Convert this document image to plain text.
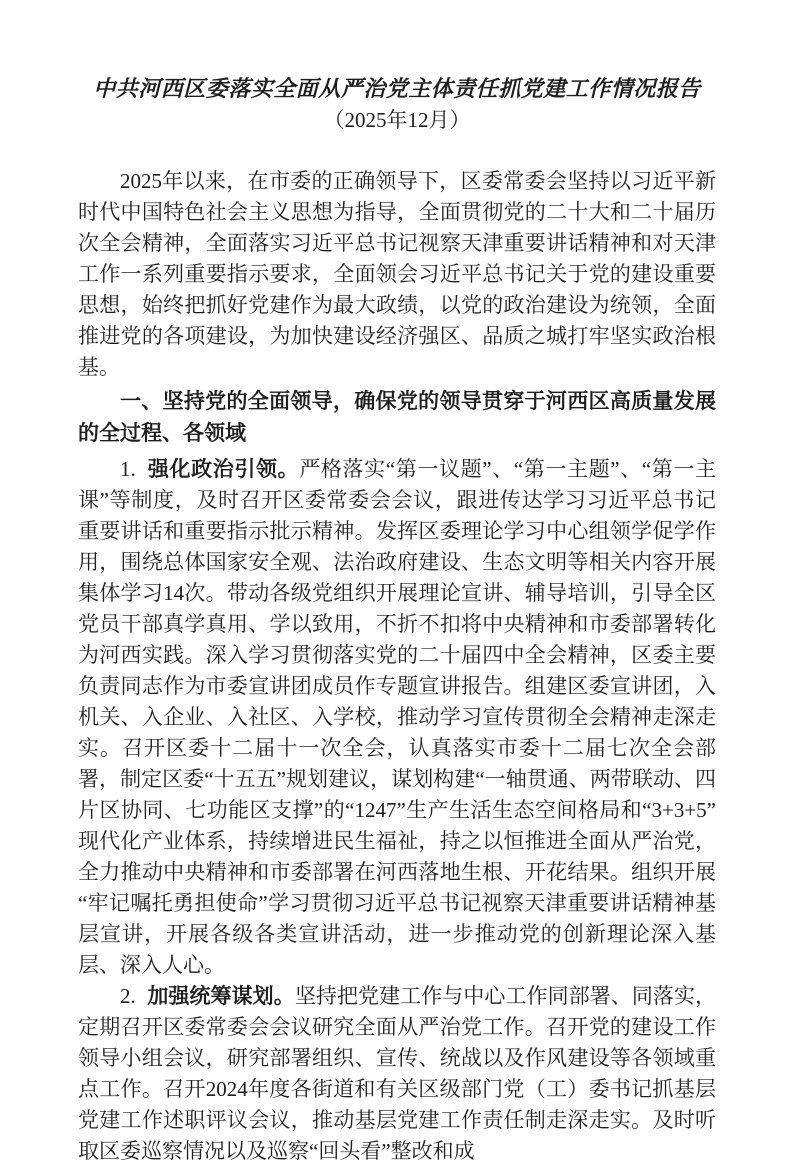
中共河西区委落实全面从严治党主体责任抓党建工作情况报告
（2025年12月）

2025年以来，在市委的正确领导下，区委常委会坚持以习近平新时代中国特色社会主义思想为指导，全面贯彻党的二十大和二十届历次全会精神，全面落实习近平总书记视察天津重要讲话精神和对天津工作一系列重要指示要求，全面领会习近平总书记关于党的建设重要思想，始终把抓好党建作为最大政绩，以党的政治建设为统领，全面推进党的各项建设，为加快建设经济强区、品质之城打牢坚实政治根基。

一、坚持党的全面领导，确保党的领导贯穿于河西区高质量发展的全过程、各领域

1. 强化政治引领。严格落实“第一议题”、“第一主题”、“第一主课”等制度，及时召开区委常委会会议，跟进传达学习习近平总书记重要讲话和重要指示批示精神。发挥区委理论学习中心组领学促学作用，围绕总体国家安全观、法治政府建设、生态文明等相关内容开展集体学习14次。带动各级党组织开展理论宣讲、辅导培训，引导全区党员干部真学真用、学以致用，不折不扣将中央精神和市委部署转化为河西实践。深入学习贯彻落实党的二十届四中全会精神，区委主要负责同志作为市委宣讲团成员作专题宣讲报告。组建区委宣讲团，入机关、入企业、入社区、入学校，推动学习宣传贯彻全会精神走深走实。召开区委十二届十一次全会，认真落实市委十二届七次全会部署，制定区委“十五五”规划建议，谋划构建“一轴贯通、两带联动、四片区协同、七功能区支撑”的“1247”生产生活生态空间格局和“3+3+5”现代化产业体系，持续增进民生福祉，持之以恒推进全面从严治党，全力推动中央精神和市委部署在河西落地生根、开花结果。组织开展“牢记嘱托勇担使命”学习贯彻习近平总书记视察天津重要讲话精神基层宣讲，开展各级各类宣讲活动，进一步推动党的创新理论深入基层、深入人心。

2. 加强统筹谋划。坚持把党建工作与中心工作同部署、同落实，定期召开区委常委会会议研究全面从严治党工作。召开党的建设工作领导小组会议，研究部署组织、宣传、统战以及作风建设等各领域重点工作。召开2024年度各街道和有关区级部门党（工）委书记抓基层党建工作述职评议会议，推动基层党建工作责任制走深走实。及时听取区委巡察情况以及巡察“回头看”整改和成
